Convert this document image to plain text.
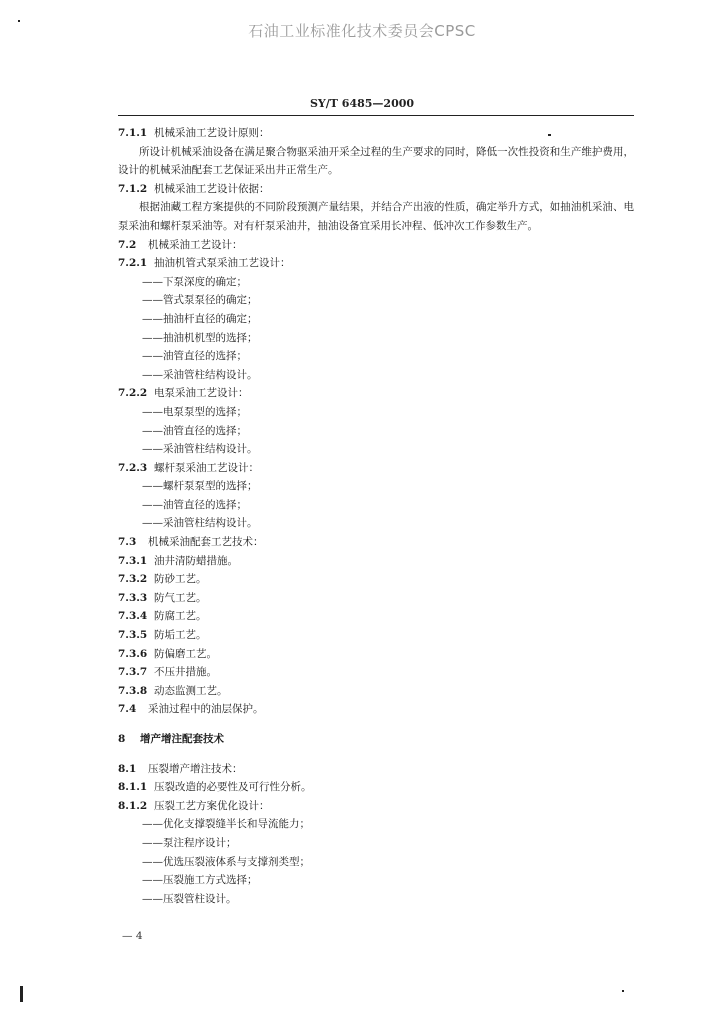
石油工业标准化技术委员会CPSC
SY/T 6485—2000
7.1.1 机械采油工艺设计原则：
所设计机械采油设备在满足聚合物驱采油开采全过程的生产要求的同时，降低一次性投资和生产维护费用，设计的机械采油配套工艺保证采出井正常生产。
7.1.2 机械采油工艺设计依据：
根据油藏工程方案提供的不同阶段预测产量结果，并结合产出液的性质，确定举升方式，如抽油机采油、电泵采油和螺杆泵采油等。对有杆泵采油井，抽油设备宜采用长冲程、低冲次工作参数生产。
7.2 机械采油工艺设计：
7.2.1 抽油机管式泵采油工艺设计：
——下泵深度的确定；
——管式泵泵径的确定；
——抽油杆直径的确定；
——抽油机机型的选择；
——油管直径的选择；
——采油管柱结构设计。
7.2.2 电泵采油工艺设计：
——电泵泵型的选择；
——油管直径的选择；
——采油管柱结构设计。
7.2.3 螺杆泵采油工艺设计：
——螺杆泵泵型的选择；
——油管直径的选择；
——采油管柱结构设计。
7.3 机械采油配套工艺技术：
7.3.1 油井清防蜡措施。
7.3.2 防砂工艺。
7.3.3 防气工艺。
7.3.4 防腐工艺。
7.3.5 防垢工艺。
7.3.6 防偏磨工艺。
7.3.7 不压井措施。
7.3.8 动态监测工艺。
7.4 采油过程中的油层保护。
8 增产增注配套技术
8.1 压裂增产增注技术：
8.1.1 压裂改造的必要性及可行性分析。
8.1.2 压裂工艺方案优化设计：
——优化支撑裂缝半长和导流能力；
——泵注程序设计；
——优选压裂液体系与支撑剂类型；
——压裂施工方式选择；
——压裂管柱设计。
— 4
